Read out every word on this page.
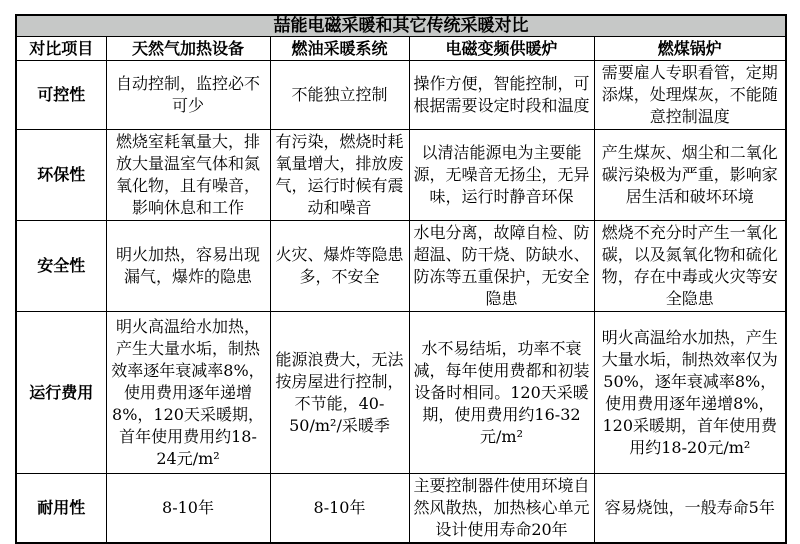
喆能电磁采暖和其它传统采暖对比				
对比项目	天然气加热设备	燃油采暖系统	电磁变频供暖炉	燃煤锅炉
可控性	自动控制，监控必不可少	不能独立控制	操作方便，智能控制，可根据需要设定时段和温度	需要雇人专职看管，定期添煤，处理煤灰，不能随意控制温度
环保性	燃烧室耗氧量大，排放大量温室气体和氮氧化物，且有噪音，影响休息和工作	有污染，燃烧时耗氧量增大，排放废气，运行时候有震动和噪音	以清洁能源电为主要能源，无噪音无扬尘，无异味，运行时静音环保	产生煤灰、烟尘和二氧化碳污染极为严重，影响家居生活和破坏环境
安全性	明火加热，容易出现漏气，爆炸的隐患	火灾、爆炸等隐患多，不安全	水电分离，故障自检、防超温、防干烧、防缺水、防冻等五重保护，无安全隐患	燃烧不充分时产生一氧化碳，以及氮氧化物和硫化物，存在中毒或火灾等安全隐患
运行费用	明火高温给水加热，产生大量水垢，制热效率逐年衰减率8%，使用费用逐年递增8%，120天采暖期，首年使用费用约18-24元/m²	能源浪费大，无法按房屋进行控制，不节能，40-50/m²/采暖季	水不易结垢，功率不衰减，每年使用费都和初装设备时相同。120天采暖期，使用费用约16-32元/m²	明火高温给水加热，产生大量水垢，制热效率仅为50%，逐年衰减率8%，使用费用逐年递增8%，120采暖期，首年使用费用约18-20元/m²
耐用性	8-10年	8-10年	主要控制器件使用环境自然风散热，加热核心单元设计使用寿命20年	容易烧蚀，一般寿命5年
